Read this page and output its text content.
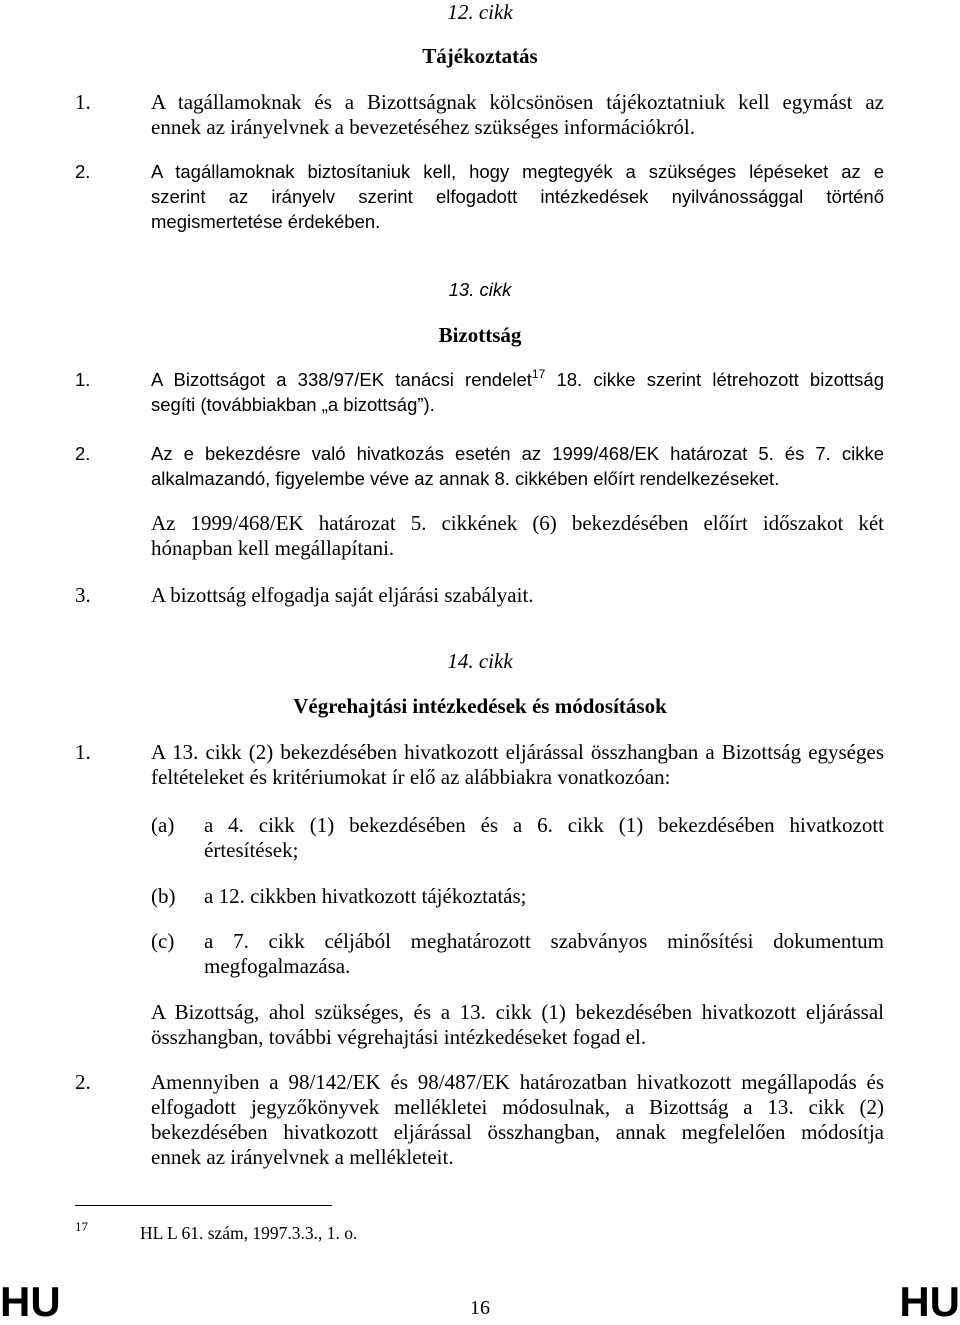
12. cikk
Tájékoztatás
1.	A tagállamoknak és a Bizottságnak kölcsönösen tájékoztatniuk kell egymást az
ennek az irányelvnek a bevezetéséhez szükséges információkról.
2.	A tagállamoknak biztosítaniuk kell, hogy megtegyék a szükséges lépéseket az e
szerint az irányelv szerint elfogadott intézkedések nyilvánossággal történő
megismertetése érdekében.
13. cikk
Bizottság
1.	A Bizottságot a 338/97/EK tanácsi rendelet$^{17}$ 18. cikke szerint létrehozott bizottság
segíti (továbbiakban „a bizottság”).
2.	Az e bekezdésre való hivatkozás esetén az 1999/468/EK határozat 5. és 7. cikke
alkalmazandó, figyelembe véve az annak 8. cikkében előírt rendelkezéseket.
Az 1999/468/EK határozat 5. cikkének (6) bekezdésében előírt időszakot két
hónapban kell megállapítani.
3.	A bizottság elfogadja saját eljárási szabályait.
14. cikk
Végrehajtási intézkedések és módosítások
1.	A 13. cikk (2) bekezdésében hivatkozott eljárással összhangban a Bizottság egységes
feltételeket és kritériumokat ír elő az alábbiakra vonatkozóan:
(a) a 4. cikk (1) bekezdésében és a 6. cikk (1) bekezdésében hivatkozott
értesítések;
(b) a 12. cikkben hivatkozott tájékoztatás;
(c) a 7. cikk céljából meghatározott szabványos minősítési dokumentum
megfogalmazása.
A Bizottság, ahol szükséges, és a 13. cikk (1) bekezdésében hivatkozott eljárással
összhangban, további végrehajtási intézkedéseket fogad el.
2.	Amennyiben a 98/142/EK és 98/487/EK határozatban hivatkozott megállapodás és
elfogadott jegyzőkönyvek mellékletei módosulnak, a Bizottság a 13. cikk (2)
bekezdésében hivatkozott eljárással összhangban, annak megfelelően módosítja
ennek az irányelvnek a mellékleteit.
17	HL L 61. szám, 1997.3.3., 1. o.
HU	16	HU
